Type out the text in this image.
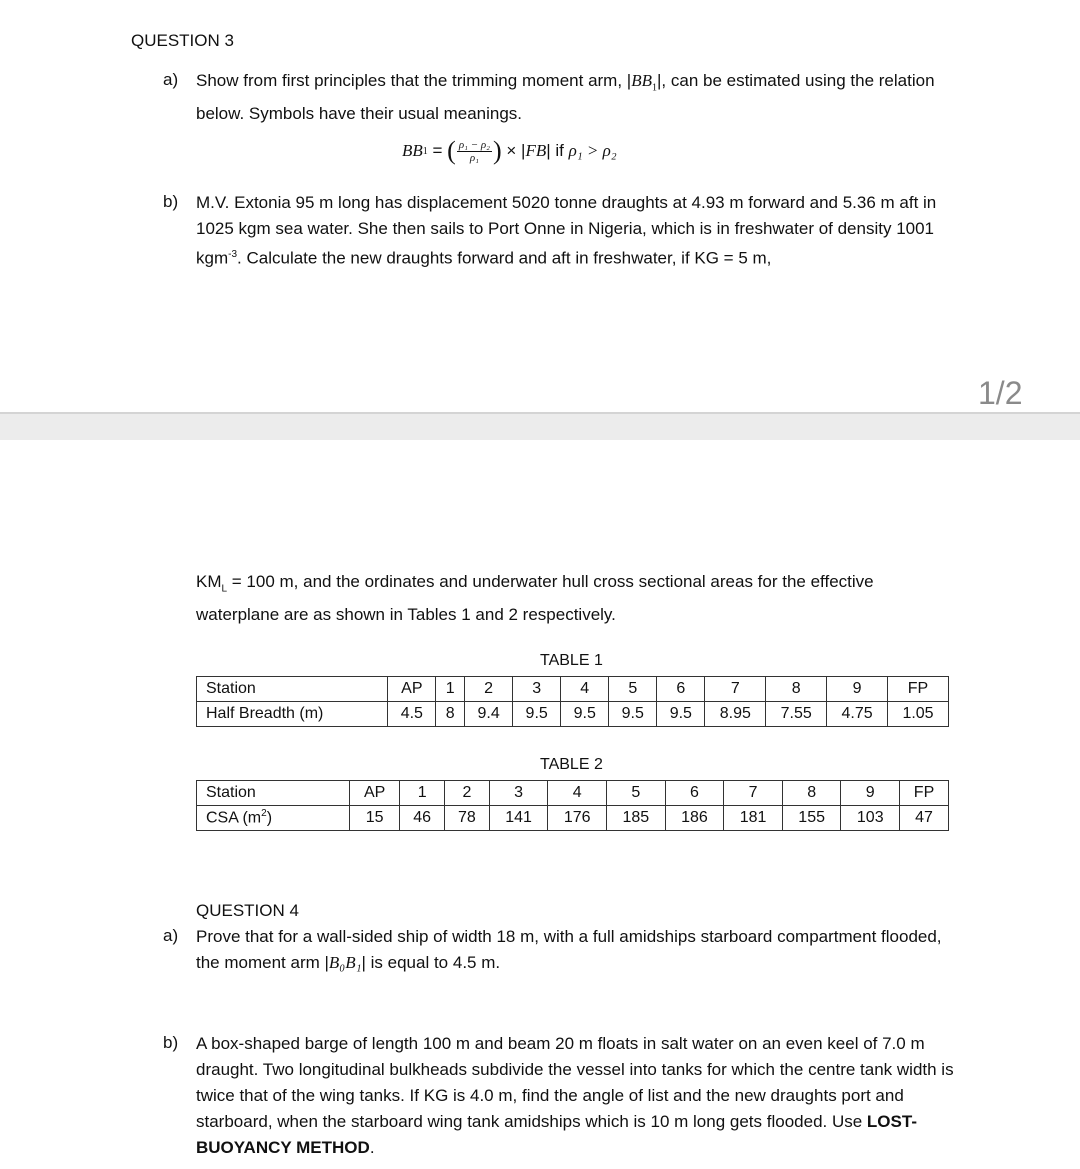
QUESTION 3
a)	Show from first principles that the trimming moment arm, $|BB_1|$, can be estimated using the relation below. Symbols have their usual meanings.
BB 1 = ( $\frac{\text{ρ₁ − ρ₂}}{\text{ρ₁}}$ ) × | FB | if ρ₁ > ρ₂
b)	M.V. Extonia 95 m long has displacement 5020 tonne draughts at 4.93 m forward and 5.36 m aft in 1025 kgm sea water. She then sails to Port Onne in Nigeria, which is in freshwater of density 1001 kgm$^{-3}$. Calculate the new draughts forward and aft in freshwater, if KG = 5 m,
1/2
$KM_L = 100$ m, and the ordinates and underwater hull cross sectional areas for the effective waterplane are as shown in Tables 1 and 2 respectively.
TABLE 1
Station	AP	1	2	3	4	5	6	7	8	9	FP
Half Breadth (m)	4.5	8	9.4	9.5	9.5	9.5	9.5	8.95	7.55	4.75	1.05
TABLE 2
Station	AP	1	2	3	4	5	6	7	8	9	FP
CSA $(m^2)$	15	46	78	141	176	185	186	181	155	103	47
QUESTION 4
a)	Prove that for a wall-sided ship of width 18 m, with a full amidships starboard compartment flooded, the moment arm |B₀B₁| is equal to 4.5 m.
b)	A box-shaped barge of length 100 m and beam 20 m floats in salt water on an even keel of 7.0 m draught. Two longitudinal bulkheads subdivide the vessel into tanks for which the centre tank width is twice that of the wing tanks. If KG is 4.0 m, find the angle of list and the new draughts port and starboard, when the starboard wing tank amidships which is 10 m long gets flooded. Use LOST-BUOYANCY METHOD.
